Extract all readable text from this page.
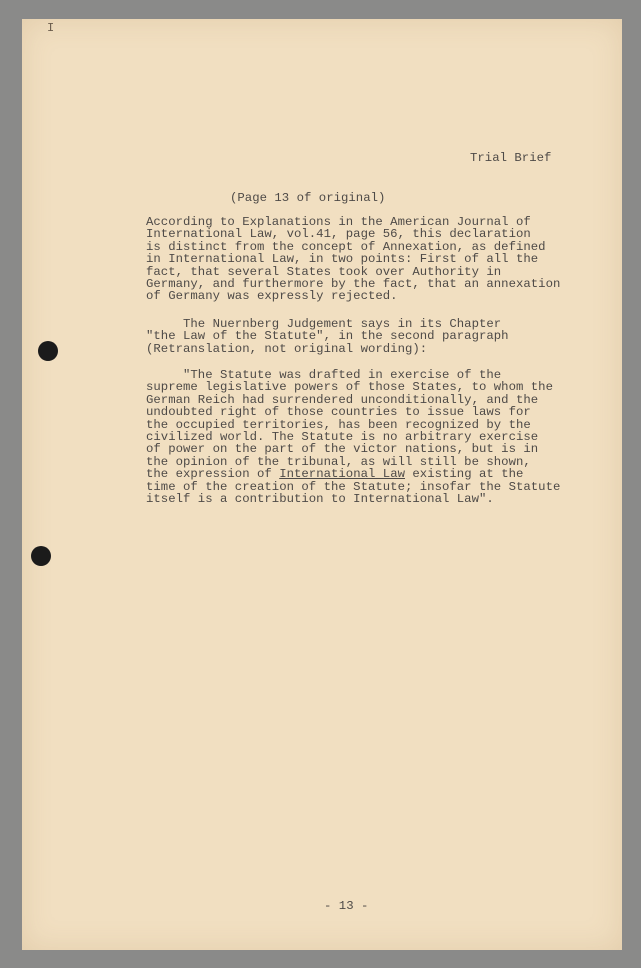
I
Trial Brief
(Page 13 of original)
According to Explanations in the American Journal of
International Law, vol.41, page 56, this declaration
is distinct from the concept of Annexation, as defined
in International Law, in two points: First of all the
fact, that several States took over Authority in
Germany, and furthermore by the fact, that an annexation
of Germany was expressly rejected.
The Nuernberg Judgement says in its Chapter
"the Law of the Statute", in the second paragraph
(Retranslation, not original wording):
"The Statute was drafted in exercise of the
supreme legislative powers of those States, to whom the
German Reich had surrendered unconditionally, and the
undoubted right of those countries to issue laws for
the occupied territories, has been recognized by the
civilized world. The Statute is no arbitrary exercise
of power on the part of the victor nations, but is in
the opinion of the tribunal, as will still be shown,
the expression of International Law existing at the
time of the creation of the Statute; insofar the Statute
itself is a contribution to International Law".
- 13 -
